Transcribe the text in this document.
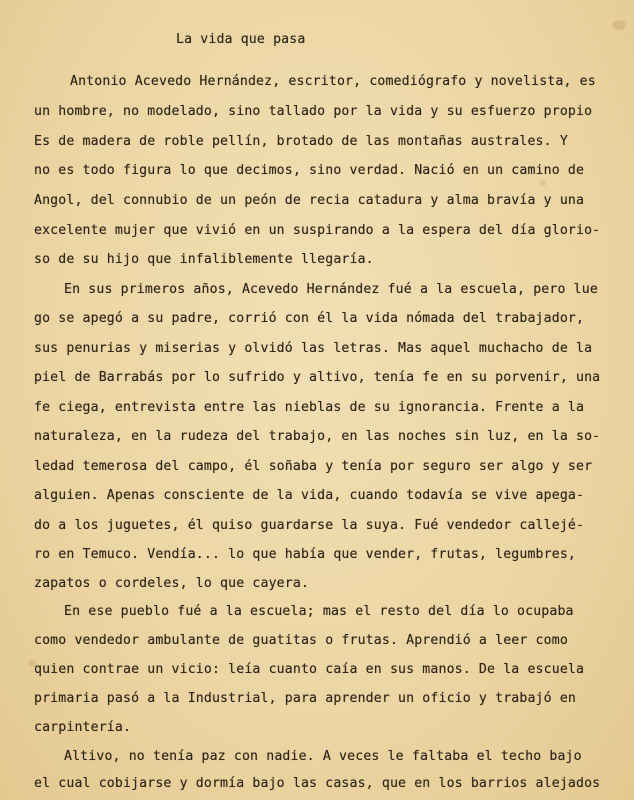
La vida que pasa
Antonio Acevedo Hernández, escritor, comediógrafo y novelista, es
un hombre, no modelado, sino tallado por la vida y su esfuerzo propio
Es de madera de roble pellín, brotado de las montañas australes. Y
no es todo figura lo que decimos, sino verdad. Nació en un camino de
Angol, del connubio de un peón de recia catadura y alma bravía y una
excelente mujer que vivió en un suspirando a la espera del día glorio-
so de su hijo que infaliblemente llegaría.
En sus primeros años, Acevedo Hernández fué a la escuela, pero lue
go se apegó a su padre, corrió con él la vida nómada del trabajador,
sus penurias y miserias y olvidó las letras. Mas aquel muchacho de la
piel de Barrabás por lo sufrido y altivo, tenía fe en su porvenir, una
fe ciega, entrevista entre las nieblas de su ignorancia. Frente a la
naturaleza, en la rudeza del trabajo, en las noches sin luz, en la so-
ledad temerosa del campo, él soñaba y tenía por seguro ser algo y ser
alguien. Apenas consciente de la vida, cuando todavía se vive apega-
do a los juguetes, él quiso guardarse la suya. Fué vendedor callejé-
ro en Temuco. Vendía... lo que había que vender, frutas, legumbres,
zapatos o cordeles, lo que cayera.
En ese pueblo fué a la escuela; mas el resto del día lo ocupaba
como vendedor ambulante de guatitas o frutas. Aprendió a leer como
quien contrae un vicio: leía cuanto caía en sus manos. De la escuela
primaria pasó a la Industrial, para aprender un oficio y trabajó en
carpintería.
Altivo, no tenía paz con nadie. A veces le faltaba el techo bajo
el cual cobijarse y dormía bajo las casas, que en los barrios alejados
